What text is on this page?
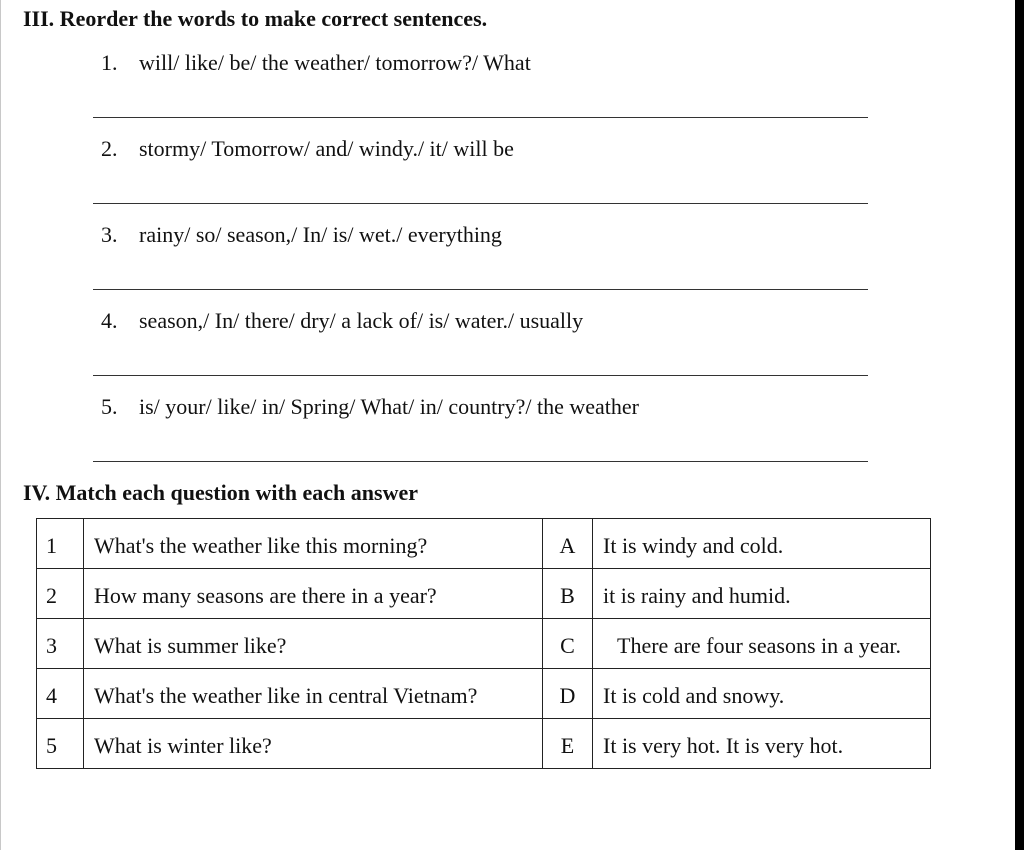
III. Reorder the words to make correct sentences.
1. will/ like/ be/ the weather/ tomorrow?/ What
2. stormy/ Tomorrow/ and/ windy./ it/ will be
3. rainy/ so/ season,/ In/ is/ wet./ everything
4. season,/ In/ there/ dry/ a lack of/ is/ water./ usually
5. is/ your/ like/ in/ Spring/ What/ in/ country?/ the weather
IV. Match each question with each answer
1	What's the weather like this morning?	A	It is windy and cold.
2	How many seasons are there in a year?	B	it is rainy and humid.
3	What is summer like?	C	There are four seasons in a year.
4	What's the weather like in central Vietnam?	D	It is cold and snowy.
5	What is winter like?	E	It is very hot. It is very hot.
